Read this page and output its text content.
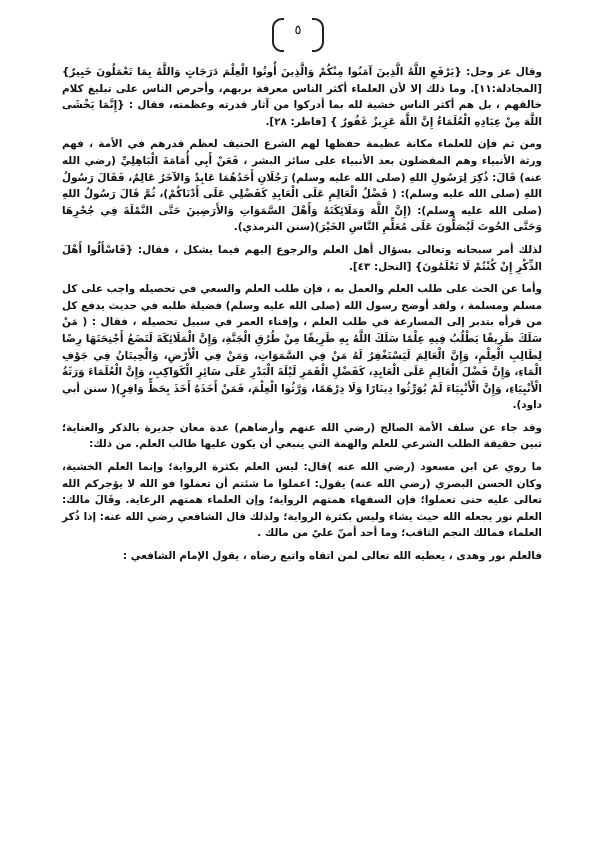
٥

وقال عز وجل: {يَرْفَعِ اللَّهُ الَّذِينَ آمَنُوا مِنْكُمْ وَالَّذِينَ أُوتُوا الْعِلْمَ دَرَجَاتٍ وَاللَّهُ بِمَا تَعْمَلُونَ خَبِيرٌ} [المجادلة:١١]. وما ذلك إلا لأن العلماء أكثر الناس معرفة بربهم، وأحرص الناس على تبليغ كلام خالقهم ، بل هم أكثر الناس خشية لله بما أدركوا من آثار قدرته وعظمته، فقال : {إِنَّمَا يَخْشَى اللَّهَ مِنْ عِبَادِهِ الْعُلَمَاءُ إِنَّ اللَّهَ عَزِيزٌ غَفُورٌ } [فاطر: ٢٨].

ومن ثم فإن للعلماء مكانة عظيمة حفظها لهم الشرع الحنيف لعظم قدرهم في الأمة ، فهم ورثة الأنبياء وهم المفضلون بعد الأنبياء على سائر البشر ، فَعَنْ أَبِي أُمَامَةَ الْبَاهِلِيِّ (رضي الله عنه) قَالَ: ذُكِرَ لِرَسُولِ اللهِ (صلى الله عليه وسلم) رَجُلَانِ أَحَدُهُمَا عَابِدٌ وَالآخَرُ عَالِمٌ، فَقَالَ رَسُولُ اللهِ (صلى الله عليه وسلم): ( فَضْلُ الْعَالِمِ عَلَى الْعَابِدِ كَفَضْلِي عَلَى أَدْنَاكُمْ)، ثُمَّ قَالَ رَسُولُ اللهِ (صلى الله عليه وسلم): (إِنَّ اللَّهَ وَمَلَائِكَتَهُ وَأَهْلَ السَّمَوَاتِ وَالأَرَضِينَ حَتَّى النَّمْلَةَ فِي جُحْرِهَا وَحَتَّى الحُوتَ لَيُصَلُّونَ عَلَى مُعَلِّمِ النَّاسِ الخَيْرَ)(سنن الترمذي).

لذلك أمر سبحانه وتعالى بسؤال أهل العلم والرجوع إليهم فيما يشكل ، فقال: {فَاسْأَلُوا أَهْلَ الذِّكْرِ إِنْ كُنْتُمْ لَا تَعْلَمُونَ} [النحل: ٤٣].

وأما عن الحث على طلب العلم والعمل به ، فإن طلب العلم والسعي في تحصيله واجب على كل مسلم ومسلمة ، ولقد أوضح رسول الله (صلى الله عليه وسلم) فضيلة طلبه في حديث يدفع كل من قرأه بتدبر إلى المسارعة في طلب العلم ، وإفناء العمر في سبيل تحصيله ، فقال : ( مَنْ سَلَكَ طَرِيقًا يَطْلُبُ فِيهِ عِلْمًا سَلَكَ اللَّهُ بِهِ طَرِيقًا مِنْ طُرُقِ الْجَنَّةِ، وَإِنَّ الْمَلَائِكَةَ لَتَضَعُ أَجْنِحَتَهَا رِضًا لِطَالِبِ الْعِلْمِ، وَإِنَّ الْعَالِمَ لَيَسْتَغْفِرُ لَهُ مَنْ فِي السَّمَوَاتِ، وَمَنْ فِي الْأَرْضِ، وَالْحِيتَانُ فِي جَوْفِ الْمَاءِ، وَإِنَّ فَضْلَ الْعَالِمِ عَلَى الْعَابِدِ، كَفَضْلِ الْقَمَرِ لَيْلَةَ الْبَدْرِ عَلَى سَائِرِ الْكَوَاكِبِ، وَإِنَّ الْعُلَمَاءَ وَرَثَةُ الْأَنْبِيَاءِ، وَإِنَّ الْأَنْبِيَاءَ لَمْ يُوَرِّثُوا دِينَارًا وَلَا دِرْهَمًا، وَرَّثُوا الْعِلْمَ، فَمَنْ أَخَذَهُ أَخَذَ بِحَظٍّ وَافِرٍ)( سنن أبي داود).

وقد جاء عن سلف الأمة الصالح (رضي الله عنهم وأرضاهم) عدة معان جديرة بالذكر والعناية؛ تبين حقيقة الطلب الشرعي للعلم والهمة التي ينبغي أن يكون عليها طالب العلم. من ذلك:

ما روي عن ابن مسعود (رضي الله عنه )قال: ليس العلم بكثرة الرواية؛ وإنما العلم الخشية، وكان الحسن البصري (رضي الله عنه) يقول: اعملوا ما شئتم أن تعملوا فو الله لا يؤجركم الله تعالى عليه حتى تعملوا؛ فإن السفهاء همتهم الرواية؛ وإن العلماء همتهم الرعاية. وقَالَ مالك: العلم نور يجعله الله حيث يشاء وليس بكثرة الرواية؛ ولذلك قال الشافعي رضي الله عنه: إذا ذُكر العلماء فمالك النجم الثاقب؛ وما أحد أمنّ عليّ من مالك .

فالعلم نور وهدى ، يعطيه الله تعالى لمن اتقاه واتبع رضاه ، يقول الإمام الشافعي :
